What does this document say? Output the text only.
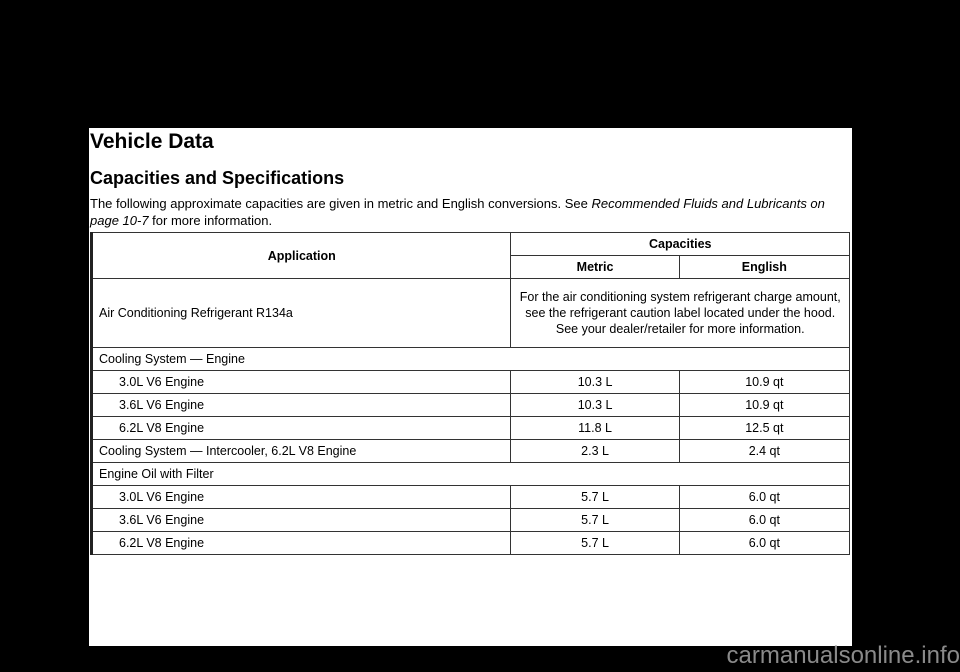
Vehicle Data
Capacities and Specifications

The following approximate capacities are given in metric and English conversions. See Recommended Fluids and Lubricants on page 10-7 for more information.

Application	Capacities	
	Metric	English
Air Conditioning Refrigerant R134a	For the air conditioning system refrigerant charge amount, see the refrigerant caution label located under the hood. See your dealer/retailer for more information.	
Cooling System — Engine		
3.0L V6 Engine	10.3 L	10.9 qt
3.6L V6 Engine	10.3 L	10.9 qt
6.2L V8 Engine	11.8 L	12.5 qt
Cooling System — Intercooler, 6.2L V8 Engine	2.3 L	2.4 qt
Engine Oil with Filter		
3.0L V6 Engine	5.7 L	6.0 qt
3.6L V6 Engine	5.7 L	6.0 qt
6.2L V8 Engine	5.7 L	6.0 qt
carmanualsonline.info
